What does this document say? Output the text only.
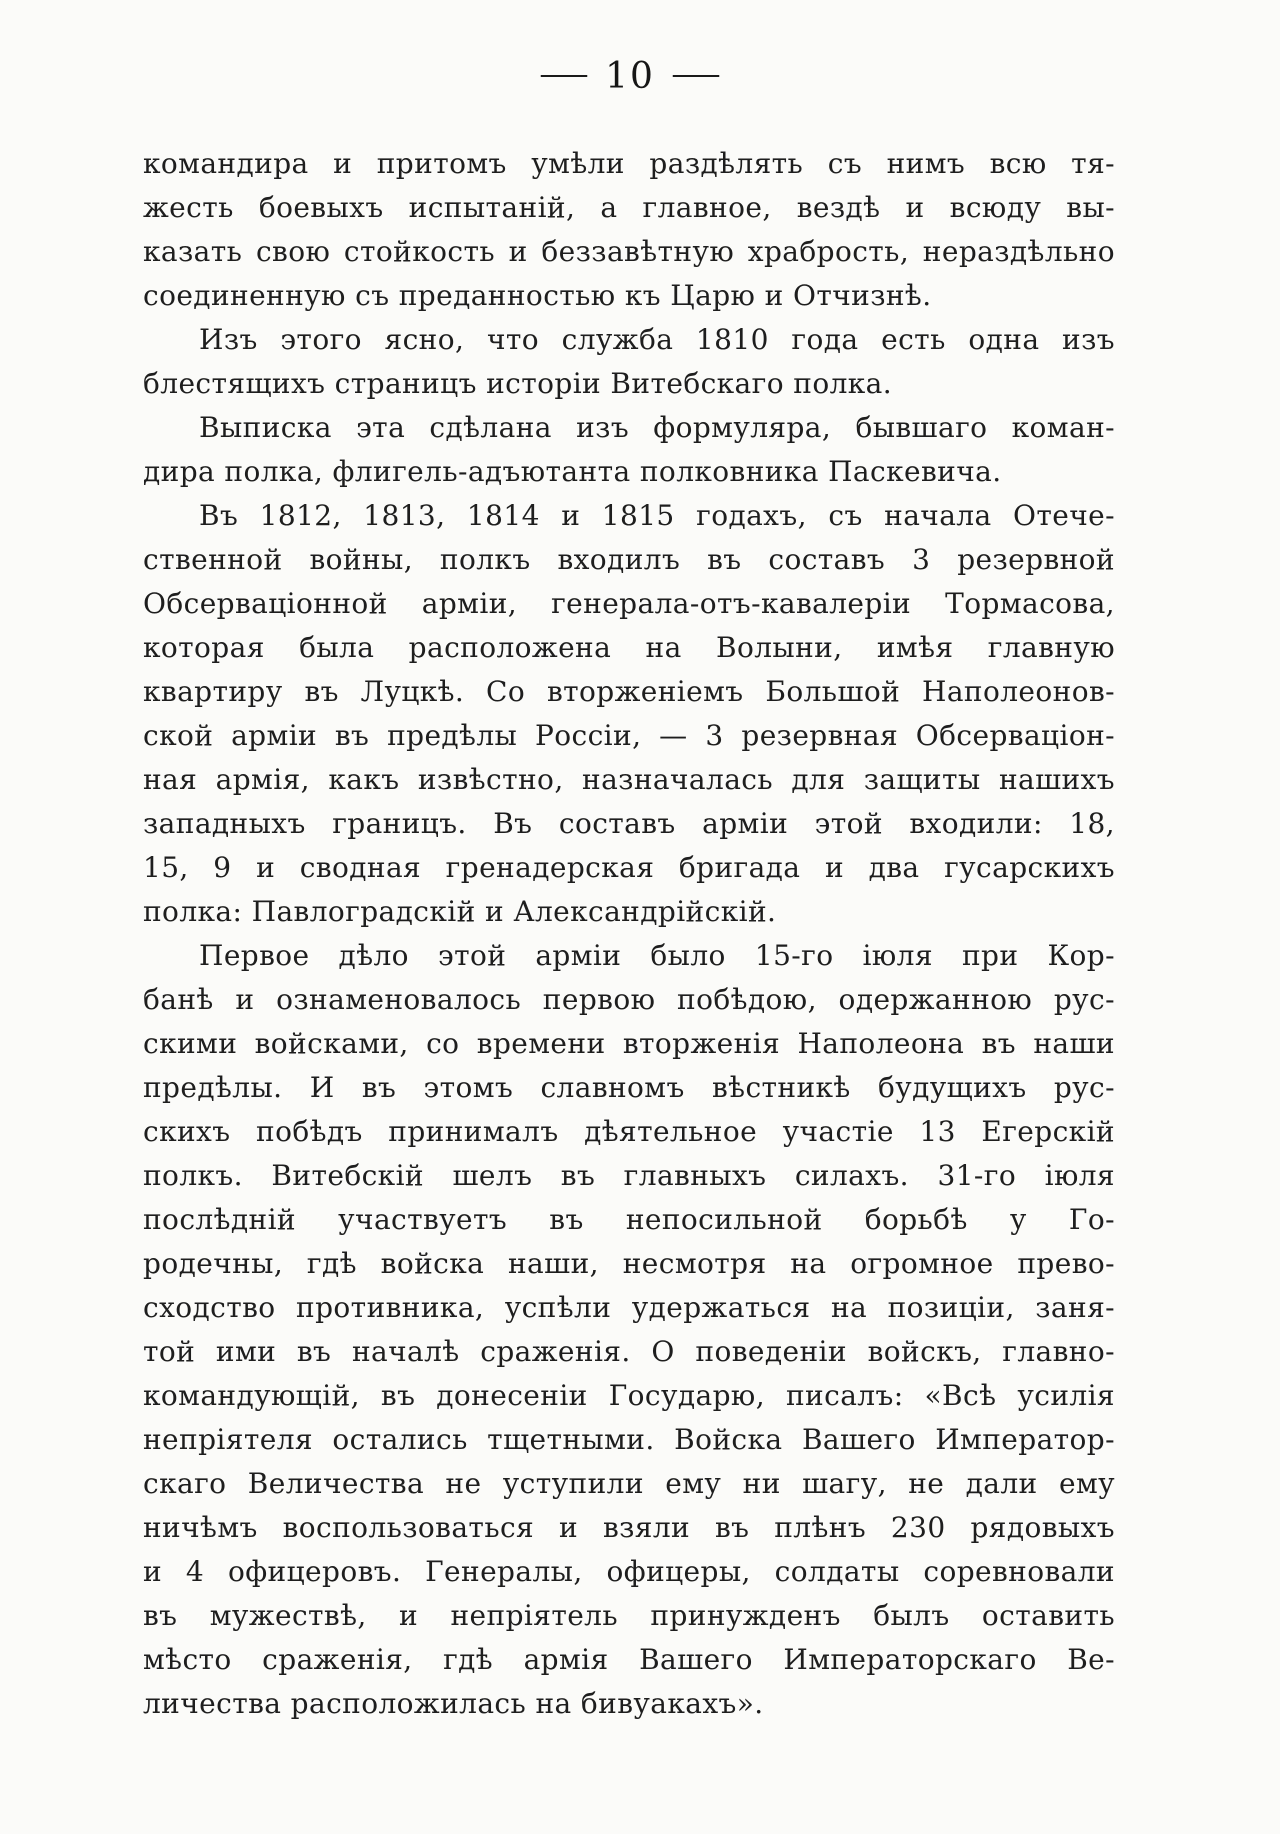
— 10 —
командира и притомъ умѣли раздѣлять съ нимъ всю тя-
жесть боевыхъ испытаній, а главное, вездѣ и всюду вы-
казать свою стойкость и беззавѣтную храбрость, нераздѣльно
соединенную съ преданностью къ Царю и Отчизнѣ.
Изъ этого ясно, что служба 1810 года есть одна изъ
блестящихъ страницъ исторіи Витебскаго полка.
Выписка эта сдѣлана изъ формуляра, бывшаго коман-
дира полка, флигель-адъютанта полковника Паскевича.
Въ 1812, 1813, 1814 и 1815 годахъ, съ начала Отече-
ственной войны, полкъ входилъ въ составъ 3 резервной
Обсерваціонной арміи, генерала-отъ-кавалеріи Тормасова,
которая была расположена на Волыни, имѣя главную
квартиру въ Луцкѣ. Со вторженіемъ Большой Наполеонов-
ской арміи въ предѣлы Россіи, — 3 резервная Обсерваціон-
ная армія, какъ извѣстно, назначалась для защиты нашихъ
западныхъ границъ. Въ составъ арміи этой входили: 18,
15, 9 и сводная гренадерская бригада и два гусарскихъ
полка: Павлоградскій и Александрійскій.
Первое дѣло этой арміи было 15-го іюля при Кор-
банѣ и ознаменовалось первою побѣдою, одержанною рус-
скими войсками, со времени вторженія Наполеона въ наши
предѣлы. И въ этомъ славномъ вѣстникѣ будущихъ рус-
скихъ побѣдъ принималъ дѣятельное участіе 13 Егерскій
полкъ. Витебскій шелъ въ главныхъ силахъ. 31-го іюля
послѣдній участвуетъ въ непосильной борьбѣ у Го-
родечны, гдѣ войска наши, несмотря на огромное прево-
сходство противника, успѣли удержаться на позиціи, заня-
той ими въ началѣ сраженія. О поведеніи войскъ, главно-
командующій, въ донесеніи Государю, писалъ: «Всѣ усилія
непріятеля остались тщетными. Войска Вашего Император-
скаго Величества не уступили ему ни шагу, не дали ему
ничѣмъ воспользоваться и взяли въ плѣнъ 230 рядовыхъ
и 4 офицеровъ. Генералы, офицеры, солдаты соревновали
въ мужествѣ, и непріятель принужденъ былъ оставить
мѣсто сраженія, гдѣ армія Вашего Императорскаго Ве-
личества расположилась на бивуакахъ».
